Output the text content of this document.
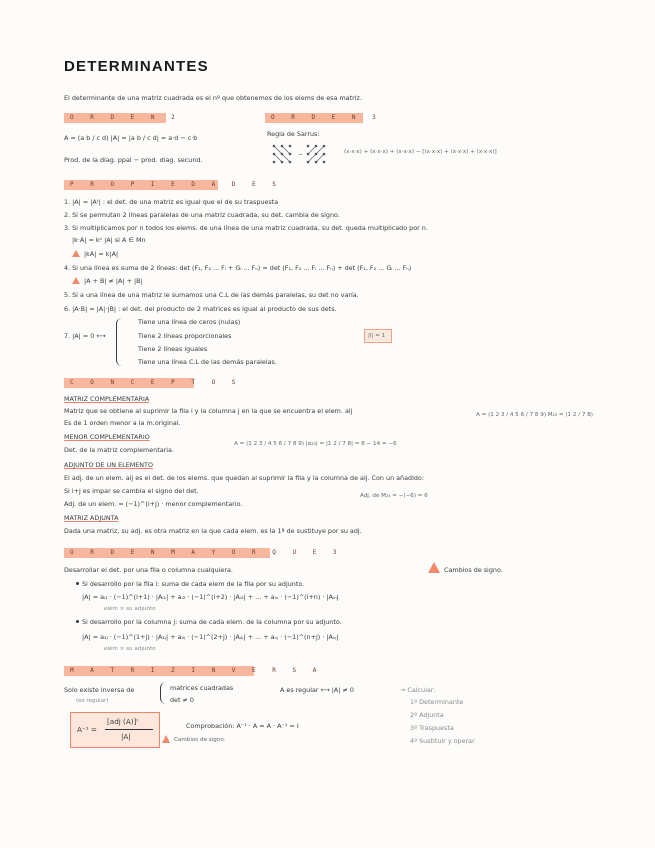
DETERMINANTES
El determinante de una matriz cuadrada es el nº que obtenemos de los elems de esa matriz.
O R D E N 2
A = (a b / c d) |A| = |a b / c d| = a·d − c·b
Prod. de la diag. ppal − prod. diag. secund.
O R D E N 3
Regla de Sarrus:
−	(x·x·x) + (x·x·x) + (x·x·x) − [(x·x·x) + (x·x·x) + (x·x·x)]
P R O P I E D A D E S
1. |A| = |Aᵗ| : el det. de una matriz es igual que el de su traspuesta
2. Si se permutan 2 líneas paralelas de una matriz cuadrada, su det. cambia de signo.
3. Si multiplicamos por n todos los elems. de una línea de una matriz cuadrada, su det. queda multiplicado por n.
|k·A| = kⁿ |A| si A ∈ Mn
|kA| = k|A|
4. Si una línea es suma de 2 líneas: det (F₁, F₂ ... Fᵢ + Gᵢ ... Fₙ) = det (F₁, F₂ ... Fᵢ ... Fₙ) + det (F₁, F₂ ... Gᵢ ... Fₙ)
|A + B| ≠ |A| + |B|
5. Si a una línea de una matriz le sumamos una C.L de las demás paralelas, su det no varía.
6. |A·B| = |A|·|B| : el det. del producto de 2 matrices es igual al producto de sus dets.
7. |A| = 0 ⟷
Tiene una línea de ceros (nulas)
Tiene 2 líneas proporcionales
Tiene 2 líneas iguales
Tiene una línea C.L de las demás paralelas.
|I| = 1
C O N C E P T O S
MATRIZ COMPLEMENTARIA
Matriz que se obtiene al suprimir la fila i y la columna j en la que se encuentra el elem. aij
Es de 1 orden menor a la m.original.
A = (1 2 3 / 4 5 6 / 7 8 9) M₂₃ = (1 2 / 7 8)
MENOR COMPLEMENTARIO
Det. de la matriz complementaria.
A = (1 2 3 / 4 5 6 / 7 8 9) |α₂₃| = |1 2 / 7 8| = 8 − 14 = −6
ADJUNTO DE UN ELEMENTO
El adj. de un elem. aij es el det. de los elems. que quedan al suprimir la fila y la columna de aij. Con un añadido:
Si i+j es impar se cambia el signo del det.
Adj. de un elem. = (−1)^(i+j) · menor complementario.
Adj. de M₂₃ = −(−6) = 6
MATRIZ ADJUNTA
Dada una matriz, su adj. es otra matriz en la que cada elem. es la 1ª de sustituye por su adj.
O R D E N M A Y O R Q U E 3
Desarrollar el det. por una fila o columna cualquiera.	Cambios de signo.
Si desarrollo por la fila i: suma de cada elem de la fila por su adjunto.
|A| = aᵢ₁ · (−1)^(i+1) · |Aᵢ₁| + aᵢ₂ · (−1)^(i+2) · |Aᵢ₂| + ... + aᵢₙ · (−1)^(i+n) · |Aᵢₙ|
elem × su adjunto
Si desarrollo por la columna j: suma de cada elem. de la columna por su adjunto.
|A| = a₁ⱼ · (−1)^(1+j) · |A₁ⱼ| + a₂ⱼ · (−1)^(2+j) · |A₂ⱼ| + ... + aₙⱼ · (−1)^(n+j) · |Aₙⱼ|
elem × su adjunto
M A T R I Z I N V E R S A
Solo existe inversa de
(es regular)
matrices cuadradas
det ≠ 0
A es regular ⟷ |A| ≠ 0
A⁻¹ =
[adj (A)]ᵗ
|A|
Comprobación: A⁻¹ · A = A · A⁻¹ = I
Cambios de signo.
→ Calcular:
1º Determinante
2º Adjunta
3º Traspuesta
4º Sustituir y operar
